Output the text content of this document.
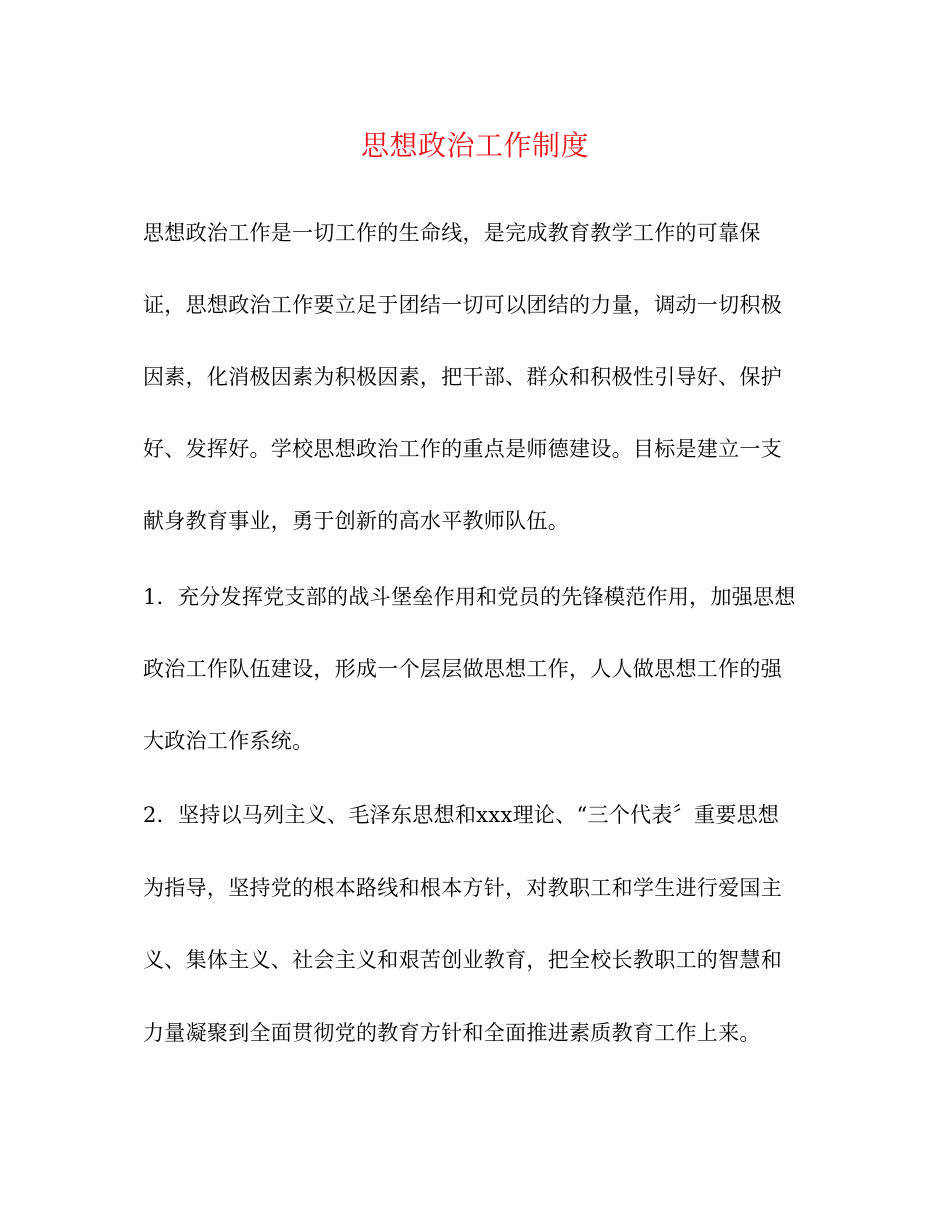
思想政治工作制度
思想政治工作是一切工作的生命线，是完成教育教学工作的可靠保
证，思想政治工作要立足于团结一切可以团结的力量，调动一切积极
因素，化消极因素为积极因素，把干部、群众和积极性引导好、保护
好、发挥好。学校思想政治工作的重点是师德建设。目标是建立一支
献身教育事业，勇于创新的高水平教师队伍。
1．充分发挥党支部的战斗堡垒作用和党员的先锋模范作用，加强思想
政治工作队伍建设，形成一个层层做思想工作，人人做思想工作的强
大政治工作系统。
2．坚持以马列主义、毛泽东思想和xxx理论、“三个代表〞重要思想
为指导，坚持党的根本路线和根本方针，对教职工和学生进行爱国主
义、集体主义、社会主义和艰苦创业教育，把全校长教职工的智慧和
力量凝聚到全面贯彻党的教育方针和全面推进素质教育工作上来。
